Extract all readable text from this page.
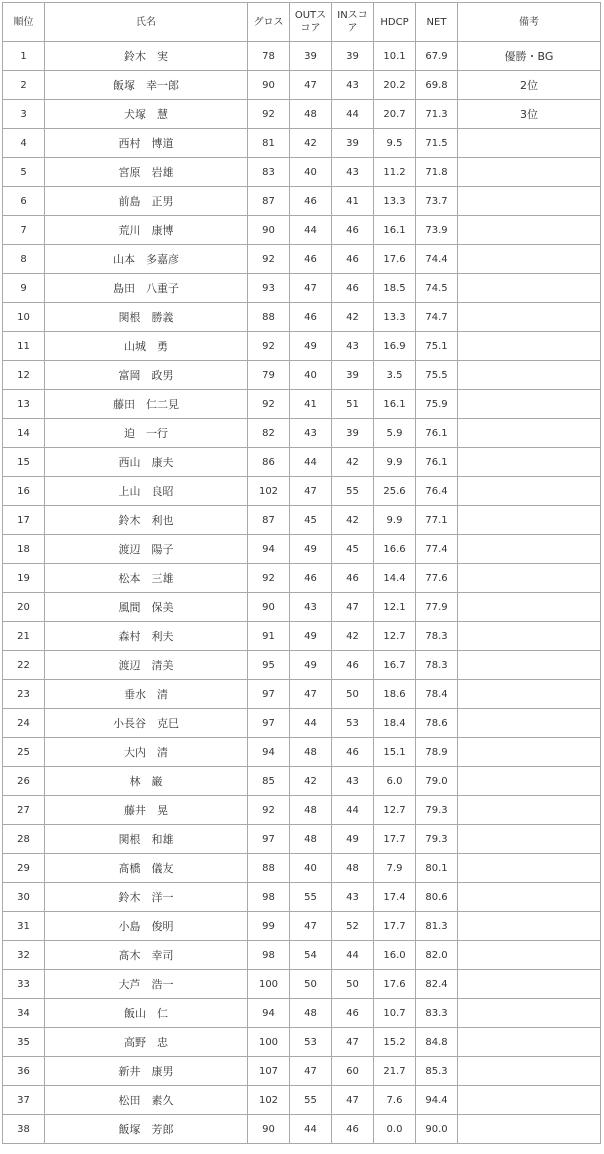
順位	氏名	グロス	OUTスコア	INスコア	HDCP	NET	備考
1	鈴木　実	78	39	39	10.1	67.9	優勝・BG
2	飯塚　幸一郎	90	47	43	20.2	69.8	2位
3	犬塚　慧	92	48	44	20.7	71.3	3位
4	西村　博道	81	42	39	9.5	71.5	
5	宮原　岩雄	83	40	43	11.2	71.8	
6	前島　正男	87	46	41	13.3	73.7	
7	荒川　康博	90	44	46	16.1	73.9	
8	山本　多嘉彦	92	46	46	17.6	74.4	
9	島田　八重子	93	47	46	18.5	74.5	
10	関根　勝義	88	46	42	13.3	74.7	
11	山城　勇	92	49	43	16.9	75.1	
12	富岡　政男	79	40	39	3.5	75.5	
13	藤田　仁二見	92	41	51	16.1	75.9	
14	迫　一行	82	43	39	5.9	76.1	
15	西山　康夫	86	44	42	9.9	76.1	
16	上山　良昭	102	47	55	25.6	76.4	
17	鈴木　利也	87	45	42	9.9	77.1	
18	渡辺　陽子	94	49	45	16.6	77.4	
19	松本　三雄	92	46	46	14.4	77.6	
20	風間　保美	90	43	47	12.1	77.9	
21	森村　利夫	91	49	42	12.7	78.3	
22	渡辺　清美	95	49	46	16.7	78.3	
23	垂水　清	97	47	50	18.6	78.4	
24	小長谷　克巳	97	44	53	18.4	78.6	
25	大内　清	94	48	46	15.1	78.9	
26	林　巌	85	42	43	6.0	79.0	
27	藤井　晃	92	48	44	12.7	79.3	
28	関根　和雄	97	48	49	17.7	79.3	
29	髙橋　儀友	88	40	48	7.9	80.1	
30	鈴木　洋一	98	55	43	17.4	80.6	
31	小島　俊明	99	47	52	17.7	81.3	
32	髙木　幸司	98	54	44	16.0	82.0	
33	大芦　浩一	100	50	50	17.6	82.4	
34	飯山　仁	94	48	46	10.7	83.3	
35	高野　忠	100	53	47	15.2	84.8	
36	新井　康男	107	47	60	21.7	85.3	
37	松田　素久	102	55	47	7.6	94.4	
38	飯塚　芳郎	90	44	46	0.0	90.0	
